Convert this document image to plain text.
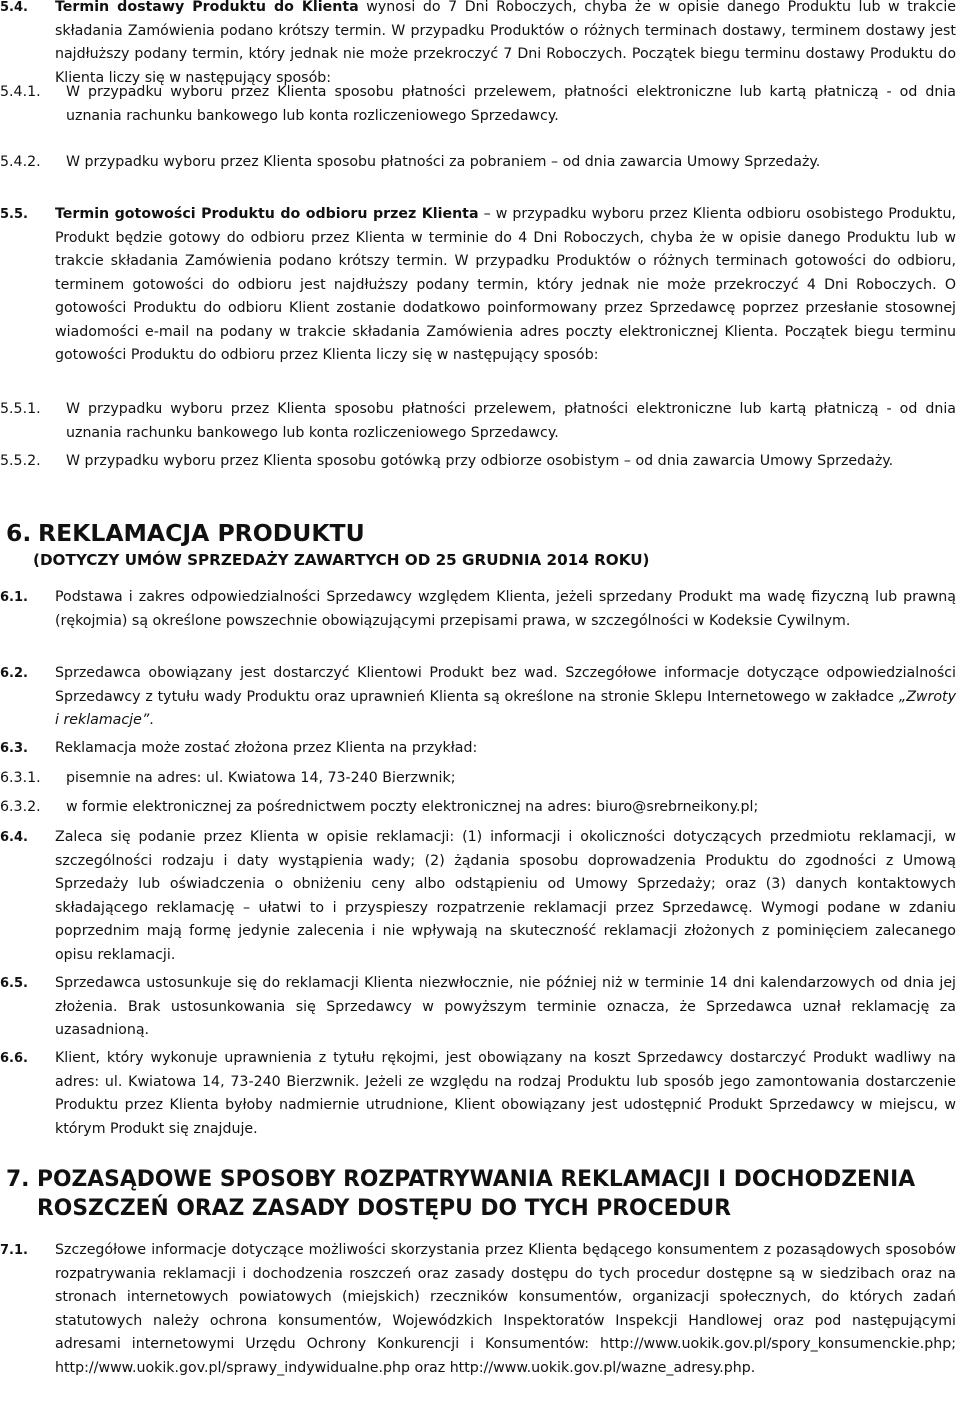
5.4.	Termin dostawy Produktu do Klienta wynosi do 7 Dni Roboczych, chyba że w opisie danego Produktu lub w trakcie składania Zamówienia podano krótszy termin. W przypadku Produktów o różnych terminach dostawy, terminem dostawy jest najdłuższy podany termin, który jednak nie może przekroczyć 7 Dni Roboczych. Początek biegu terminu dostawy Produktu do Klienta liczy się w następujący sposób:
5.4.1.	W przypadku wyboru przez Klienta sposobu płatności przelewem, płatności elektroniczne lub kartą płatniczą - od dnia uznania rachunku bankowego lub konta rozliczeniowego Sprzedawcy.
5.4.2.	W przypadku wyboru przez Klienta sposobu płatności za pobraniem – od dnia zawarcia Umowy Sprzedaży.
5.5.	Termin gotowości Produktu do odbioru przez Klienta – w przypadku wyboru przez Klienta odbioru osobistego Produktu, Produkt będzie gotowy do odbioru przez Klienta w terminie do 4 Dni Roboczych, chyba że w opisie danego Produktu lub w trakcie składania Zamówienia podano krótszy termin. W przypadku Produktów o różnych terminach gotowości do odbioru, terminem gotowości do odbioru jest najdłuższy podany termin, który jednak nie może przekroczyć 4 Dni Roboczych. O gotowości Produktu do odbioru Klient zostanie dodatkowo poinformowany przez Sprzedawcę poprzez przesłanie stosownej wiadomości e-mail na podany w trakcie składania Zamówienia adres poczty elektronicznej Klienta. Początek biegu terminu gotowości Produktu do odbioru przez Klienta liczy się w następujący sposób:
5.5.1.	W przypadku wyboru przez Klienta sposobu płatności przelewem, płatności elektroniczne lub kartą płatniczą - od dnia uznania rachunku bankowego lub konta rozliczeniowego Sprzedawcy.
5.5.2.	W przypadku wyboru przez Klienta sposobu gotówką przy odbiorze osobistym – od dnia zawarcia Umowy Sprzedaży.
6. REKLAMACJA PRODUKTU
(DOTYCZY UMÓW SPRZEDAŻY ZAWARTYCH OD 25 GRUDNIA 2014 ROKU)
6.1.	Podstawa i zakres odpowiedzialności Sprzedawcy względem Klienta, jeżeli sprzedany Produkt ma wadę fizyczną lub prawną (rękojmia) są określone powszechnie obowiązującymi przepisami prawa, w szczególności w Kodeksie Cywilnym.
6.2.	Sprzedawca obowiązany jest dostarczyć Klientowi Produkt bez wad. Szczegółowe informacje dotyczące odpowiedzialności Sprzedawcy z tytułu wady Produktu oraz uprawnień Klienta są określone na stronie Sklepu Internetowego w zakładce „Zwroty i reklamacje”.
6.3.	Reklamacja może zostać złożona przez Klienta na przykład:
6.3.1.	pisemnie na adres: ul. Kwiatowa 14, 73-240 Bierzwnik;
6.3.2.	w formie elektronicznej za pośrednictwem poczty elektronicznej na adres: biuro@srebrneikony.pl;
6.4.	Zaleca się podanie przez Klienta w opisie reklamacji: (1) informacji i okoliczności dotyczących przedmiotu reklamacji, w szczególności rodzaju i daty wystąpienia wady; (2) żądania sposobu doprowadzenia Produktu do zgodności z Umową Sprzedaży lub oświadczenia o obniżeniu ceny albo odstąpieniu od Umowy Sprzedaży; oraz (3) danych kontaktowych składającego reklamację – ułatwi to i przyspieszy rozpatrzenie reklamacji przez Sprzedawcę. Wymogi podane w zdaniu poprzednim mają formę jedynie zalecenia i nie wpływają na skuteczność reklamacji złożonych z pominięciem zalecanego opisu reklamacji.
6.5.	Sprzedawca ustosunkuje się do reklamacji Klienta niezwłocznie, nie później niż w terminie 14 dni kalendarzowych od dnia jej złożenia. Brak ustosunkowania się Sprzedawcy w powyższym terminie oznacza, że Sprzedawca uznał reklamację za uzasadnioną.
6.6.	Klient, który wykonuje uprawnienia z tytułu rękojmi, jest obowiązany na koszt Sprzedawcy dostarczyć Produkt wadliwy na adres: ul. Kwiatowa 14, 73-240 Bierzwnik. Jeżeli ze względu na rodzaj Produktu lub sposób jego zamontowania dostarczenie Produktu przez Klienta byłoby nadmiernie utrudnione, Klient obowiązany jest udostępnić Produkt Sprzedawcy w miejscu, w którym Produkt się znajduje.
7. POZASĄDOWE SPOSOBY ROZPATRYWANIA REKLAMACJI I DOCHODZENIA ROSZCZEŃ ORAZ ZASADY DOSTĘPU DO TYCH PROCEDUR
7.1.	Szczegółowe informacje dotyczące możliwości skorzystania przez Klienta będącego konsumentem z pozasądowych sposobów rozpatrywania reklamacji i dochodzenia roszczeń oraz zasady dostępu do tych procedur dostępne są w siedzibach oraz na stronach internetowych powiatowych (miejskich) rzeczników konsumentów, organizacji społecznych, do których zadań statutowych należy ochrona konsumentów, Wojewódzkich Inspektoratów Inspekcji Handlowej oraz pod następującymi adresami internetowymi Urzędu Ochrony Konkurencji i Konsumentów: http://www.uokik.gov.pl/spory_konsumenckie.php; http://www.uokik.gov.pl/sprawy_indywidualne.php oraz http://www.uokik.gov.pl/wazne_adresy.php.
